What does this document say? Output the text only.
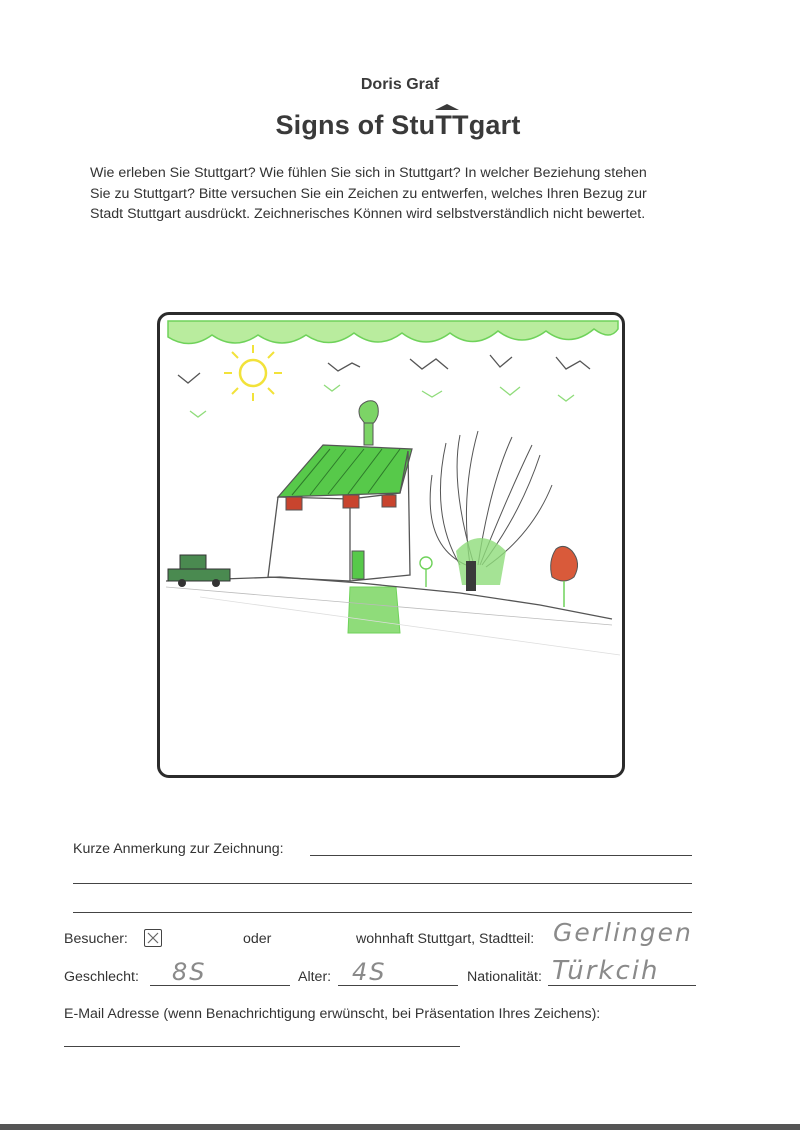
Doris Graf
Signs of Stu
TTgart
Wie erleben Sie Stuttgart? Wie fühlen Sie sich in Stuttgart? In welcher Beziehung stehen
Sie zu Stuttgart? Bitte versuchen Sie ein Zeichen zu entwerfen, welches Ihren Bezug zur
Stadt Stuttgart ausdrückt. Zeichnerisches Können wird selbstverständlich nicht bewertet.
Kurze Anmerkung zur Zeichnung:
Besucher:	oder	wohnhaft Stuttgart, Stadtteil: Gerlingen
Geschlecht: 8S	Alter: 4S	Nationalität: Türkcih
E-Mail Adresse (wenn Benachrichtigung erwünscht, bei Präsentation Ihres Zeichens):
